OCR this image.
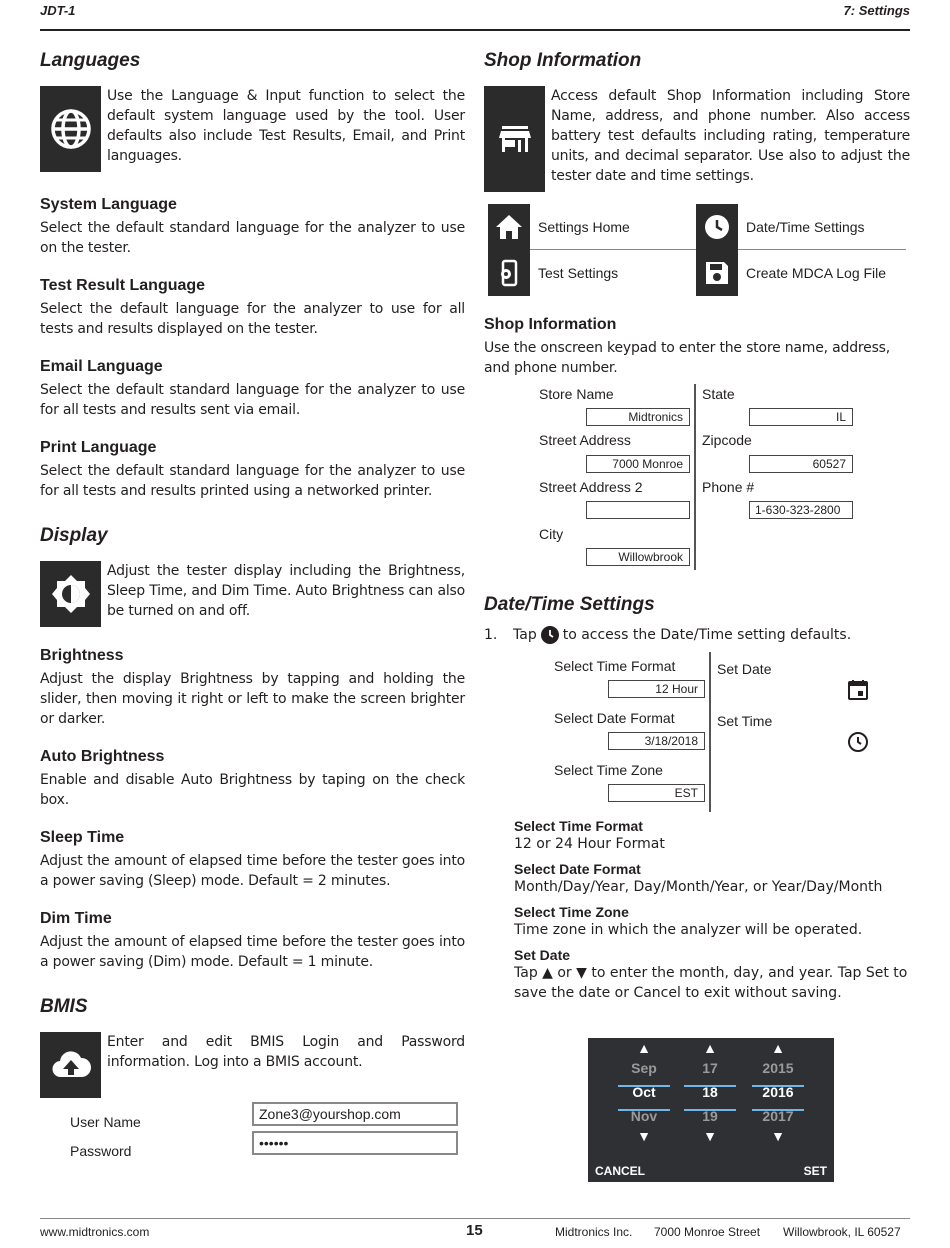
JDT-1	7: Settings
Languages

Use the Language & Input function to select the default system language used by the tool. User defaults also include Test Results, Email, and Print languages.

System Language

Select the default standard language for the analyzer to use on the tester.

Test Result Language

Select the default language for the analyzer to use for all tests and results displayed on the tester.

Email Language

Select the default standard language for the analyzer to use for all tests and results sent via email.

Print Language

Select the default standard language for the analyzer to use for all tests and results printed using a networked printer.

Display

Adjust the tester display including the Brightness, Sleep Time, and Dim Time. Auto Brightness can also be turned on and off.

Brightness

Adjust the display Brightness by tapping and holding the slider, then moving it right or left to make the screen brighter or darker.

Auto Brightness

Enable and disable Auto Brightness by taping on the check box.

Sleep Time

Adjust the amount of elapsed time before the tester goes into a power saving (Sleep) mode. Default = 2 minutes.

Dim Time

Adjust the amount of elapsed time before the tester goes into a power saving (Dim) mode. Default = 1 minute.

BMIS

Enter and edit BMIS Login and Password information. Log into a BMIS account.

User Name	Zone3@yourshop.com
Password	••••••
Shop Information

Access default Shop Information including Store Name, address, and phone number. Also access battery test defaults including rating, temperature units, and decimal separator. Use also to adjust the tester date and time settings.

Settings Home	Date/Time Settings
Test Settings	Create MDCA Log File
Shop Information

Use the onscreen keypad to enter the store name, address, and phone number.

Store Name
Midtronics
Street Address
7000 Monroe
Street Address 2
City
Willowbrook
State
IL
Zipcode
60527
Phone #
1-630-323-2800
Date/Time Settings
1.	Tap to access the Date/Time setting defaults.
Select Time Format
12 Hour
Select Date Format
3/18/2018
Select Time Zone
EST
Set Date
Set Time
Select Time Format

12 or 24 Hour Format

Select Date Format

Month/Day/Year, Day/Month/Year, or Year/Day/Month

Select Time Zone

Time zone in which the analyzer will be operated.

Set Date

Tap ▲ or ▼ to enter the month, day, and year. Tap Set to save the date or Cancel to exit without saving.

▲
Sep
Oct
Nov
▼
▲
17
18
19
▼
▲
2015
2016
2017
▼
CANCEL	SET
www.midtronics.com	15	Midtronics Inc. 7000 Monroe Street Willowbrook, IL 60527
